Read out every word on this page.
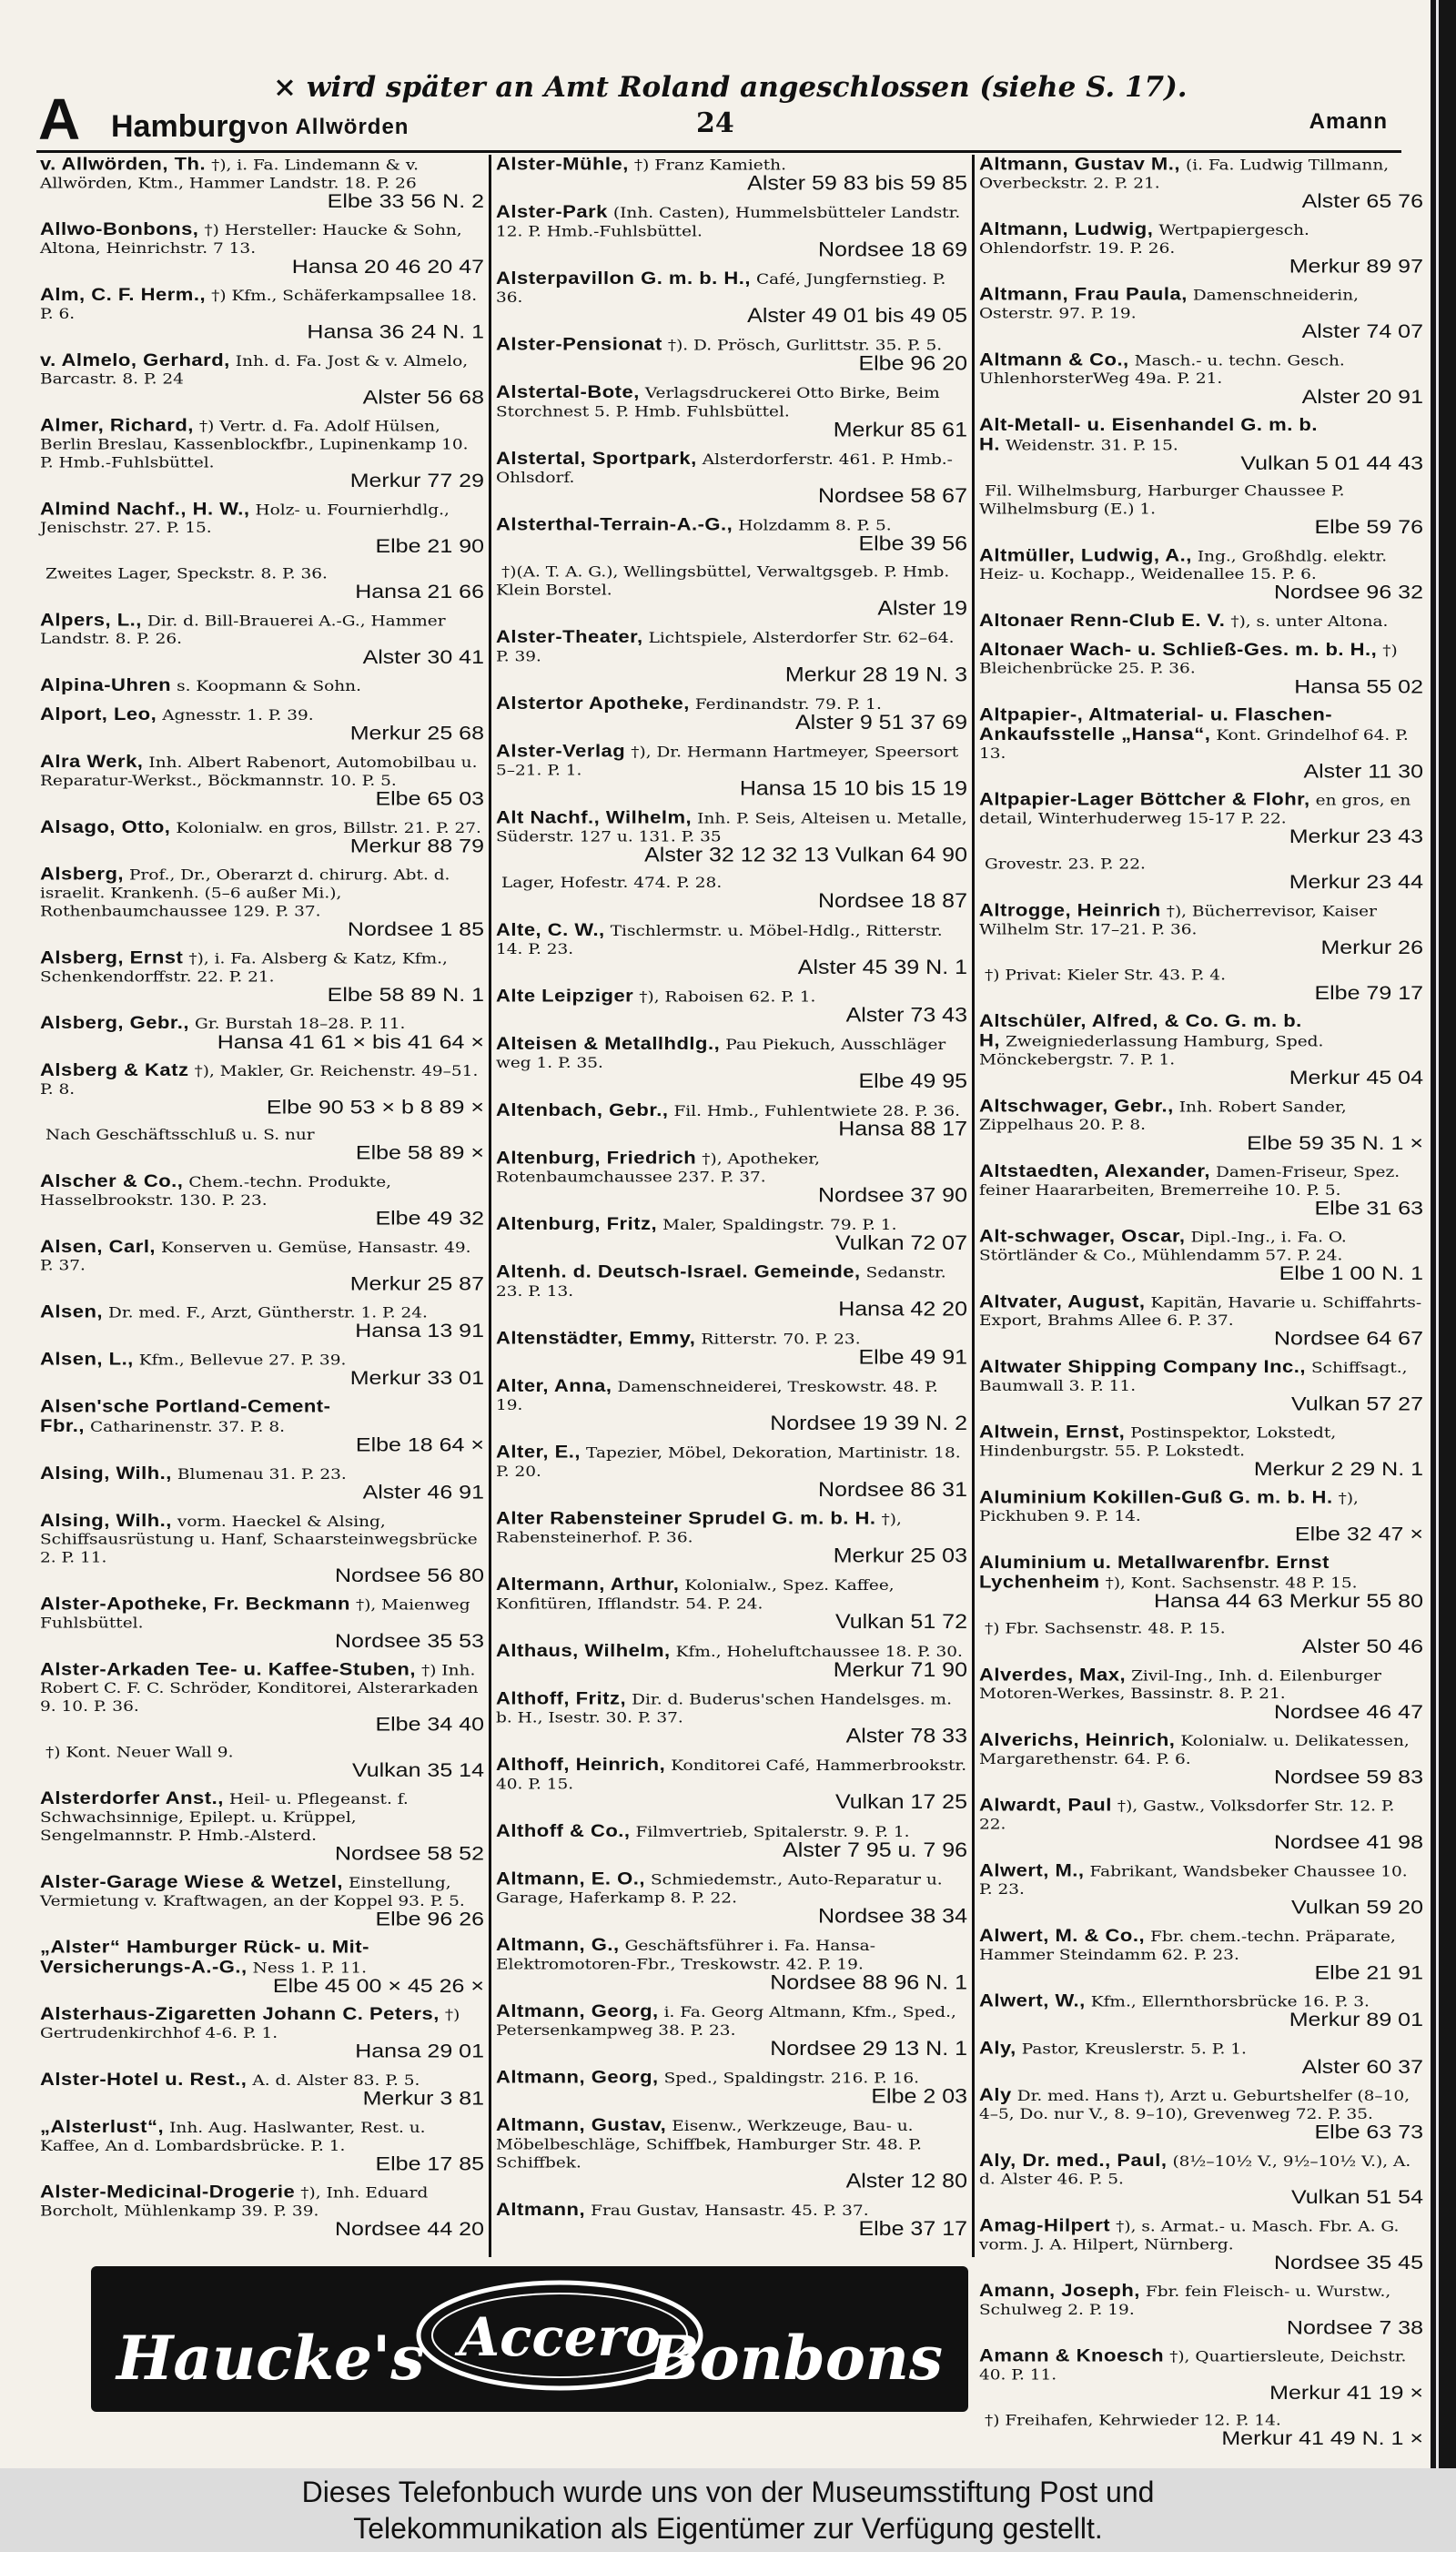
A Hamburg
× wird später an Amt Roland angeschlossen (siehe S. 17).
von Allwörden	24	Amann
v. Allwörden, Th. †), i. Fa. Lindemann & v. Allwörden, Ktm., Hammer Landstr. 18. P. 26
Elbe 33 56 N. 2
Allwo-Bonbons, †) Hersteller: Haucke & Sohn, Altona, Heinrichstr. 7 13.
Hansa 20 46 20 47
Alm, C. F. Herm., †) Kfm., Schäferkampsallee 18. P. 6.
Hansa 36 24 N. 1
v. Almelo, Gerhard, Inh. d. Fa. Jost & v. Almelo, Barcastr. 8. P. 24
Alster 56 68
Almer, Richard, †) Vertr. d. Fa. Adolf Hülsen, Berlin Breslau, Kassenblockfbr., Lupinenkamp 10. P. Hmb.-Fuhlsbüttel.
Merkur 77 29
Almind Nachf., H. W., Holz- u. Fournierhdlg., Jenischstr. 27. P. 15.
Elbe 21 90
Zweites Lager, Speckstr. 8. P. 36.
Hansa 21 66
Alpers, L., Dir. d. Bill-Brauerei A.-G., Hammer Landstr. 8. P. 26.
Alster 30 41
Alpina-Uhren s. Koopmann & Sohn.
Alport, Leo, Agnesstr. 1. P. 39.
Merkur 25 68
Alra Werk, Inh. Albert Rabenort, Automobilbau u. Reparatur-Werkst., Böckmannstr. 10. P. 5.
Elbe 65 03
Alsago, Otto, Kolonialw. en gros, Billstr. 21. P. 27.
Merkur 88 79
Alsberg, Prof., Dr., Oberarzt d. chirurg. Abt. d. israelit. Krankenh. (5–6 außer Mi.), Rothenbaumchaussee 129. P. 37.
Nordsee 1 85
Alsberg, Ernst †), i. Fa. Alsberg & Katz, Kfm., Schenkendorffstr. 22. P. 21.
Elbe 58 89 N. 1
Alsberg, Gebr., Gr. Burstah 18–28. P. 11.
Hansa 41 61 × bis 41 64 ×
Alsberg & Katz †), Makler, Gr. Reichenstr. 49–51. P. 8.
Elbe 90 53 × b 8 89 ×
Nach Geschäftsschluß u. S. nur
Elbe 58 89 ×
Alscher & Co., Chem.-techn. Produkte, Hasselbrookstr. 130. P. 23.
Elbe 49 32
Alsen, Carl, Konserven u. Gemüse, Hansastr. 49. P. 37.
Merkur 25 87
Alsen, Dr. med. F., Arzt, Güntherstr. 1. P. 24.
Hansa 13 91
Alsen, L., Kfm., Bellevue 27. P. 39.
Merkur 33 01
Alsen'sche Portland-Cement-Fbr., Catharinenstr. 37. P. 8.
Elbe 18 64 ×
Alsing, Wilh., Blumenau 31. P. 23.
Alster 46 91
Alsing, Wilh., vorm. Haeckel & Alsing, Schiffsausrüstung u. Hanf, Schaarsteinwegsbrücke 2. P. 11.
Nordsee 56 80
Alster-Apotheke, Fr. Beckmann †), Maienweg Fuhlsbüttel.
Nordsee 35 53
Alster-Arkaden Tee- u. Kaffee-Stuben, †) Inh. Robert C. F. C. Schröder, Konditorei, Alsterarkaden 9. 10. P. 36.
Elbe 34 40
†) Kont. Neuer Wall 9.
Vulkan 35 14
Alsterdorfer Anst., Heil- u. Pflegeanst. f. Schwachsinnige, Epilept. u. Krüppel, Sengelmannstr. P. Hmb.-Alsterd.
Nordsee 58 52
Alster-Garage Wiese & Wetzel, Einstellung, Vermietung v. Kraftwagen, an der Koppel 93. P. 5.
Elbe 96 26
„Alster“ Hamburger Rück- u. Mit-Versicherungs-A.-G., Ness 1. P. 11.
Elbe 45 00 × 45 26 ×
Alsterhaus-Zigaretten Johann C. Peters, †) Gertrudenkirchhof 4-6. P. 1.
Hansa 29 01
Alster-Hotel u. Rest., A. d. Alster 83. P. 5.
Merkur 3 81
„Alsterlust“, Inh. Aug. Haslwanter, Rest. u. Kaffee, An d. Lombardsbrücke. P. 1.
Elbe 17 85
Alster-Medicinal-Drogerie †), Inh. Eduard Borcholt, Mühlenkamp 39. P. 39.
Nordsee 44 20
Alster-Mühle, †) Franz Kamieth.
Alster 59 83 bis 59 85
Alster-Park (Inh. Casten), Hummelsbütteler Landstr. 12. P. Hmb.-Fuhlsbüttel.
Nordsee 18 69
Alsterpavillon G. m. b. H., Café, Jungfernstieg. P. 36.
Alster 49 01 bis 49 05
Alster-Pensionat †). D. Prösch, Gurlittstr. 35. P. 5.
Elbe 96 20
Alstertal-Bote, Verlagsdruckerei Otto Birke, Beim Storchnest 5. P. Hmb. Fuhlsbüttel.
Merkur 85 61
Alstertal, Sportpark, Alsterdorferstr. 461. P. Hmb.-Ohlsdorf.
Nordsee 58 67
Alsterthal-Terrain-A.-G., Holzdamm 8. P. 5.
Elbe 39 56
†)(A. T. A. G.), Wellingsbüttel, Verwaltgsgeb. P. Hmb. Klein Borstel.
Alster 19
Alster-Theater, Lichtspiele, Alsterdorfer Str. 62–64. P. 39.
Merkur 28 19 N. 3
Alstertor Apotheke, Ferdinandstr. 79. P. 1.
Alster 9 51 37 69
Alster-Verlag †), Dr. Hermann Hartmeyer, Speersort 5–21. P. 1.
Hansa 15 10 bis 15 19
Alt Nachf., Wilhelm, Inh. P. Seis, Alteisen u. Metalle, Süderstr. 127 u. 131. P. 35
Alster 32 12 32 13 Vulkan 64 90
Lager, Hofestr. 474. P. 28.
Nordsee 18 87
Alte, C. W., Tischlermstr. u. Möbel-Hdlg., Ritterstr. 14. P. 23.
Alster 45 39 N. 1
Alte Leipziger †), Raboisen 62. P. 1.
Alster 73 43
Alteisen & Metallhdlg., Pau Piekuch, Ausschläger weg 1. P. 35.
Elbe 49 95
Altenbach, Gebr., Fil. Hmb., Fuhlentwiete 28. P. 36.
Hansa 88 17
Altenburg, Friedrich †), Apotheker, Rotenbaumchaussee 237. P. 37.
Nordsee 37 90
Altenburg, Fritz, Maler, Spaldingstr. 79. P. 1.
Vulkan 72 07
Altenh. d. Deutsch-Israel. Gemeinde, Sedanstr. 23. P. 13.
Hansa 42 20
Altenstädter, Emmy, Ritterstr. 70. P. 23.
Elbe 49 91
Alter, Anna, Damenschneiderei, Treskowstr. 48. P. 19.
Nordsee 19 39 N. 2
Alter, E., Tapezier, Möbel, Dekoration, Martinistr. 18. P. 20.
Nordsee 86 31
Alter Rabensteiner Sprudel G. m. b. H. †), Rabensteinerhof. P. 36.
Merkur 25 03
Altermann, Arthur, Kolonialw., Spez. Kaffee, Konfitüren, Ifflandstr. 54. P. 24.
Vulkan 51 72
Althaus, Wilhelm, Kfm., Hoheluftchaussee 18. P. 30.
Merkur 71 90
Althoff, Fritz, Dir. d. Buderus'schen Handelsges. m. b. H., Isestr. 30. P. 37.
Alster 78 33
Althoff, Heinrich, Konditorei Café, Hammerbrookstr. 40. P. 15.
Vulkan 17 25
Althoff & Co., Filmvertrieb, Spitalerstr. 9. P. 1.
Alster 7 95 u. 7 96
Altmann, E. O., Schmiedemstr., Auto-Reparatur u. Garage, Haferkamp 8. P. 22.
Nordsee 38 34
Altmann, G., Geschäftsführer i. Fa. Hansa-Elektromotoren-Fbr., Treskowstr. 42. P. 19.
Nordsee 88 96 N. 1
Altmann, Georg, i. Fa. Georg Altmann, Kfm., Sped., Petersenkampweg 38. P. 23.
Nordsee 29 13 N. 1
Altmann, Georg, Sped., Spaldingstr. 216. P. 16.
Elbe 2 03
Altmann, Gustav, Eisenw., Werkzeuge, Bau- u. Möbelbeschläge, Schiffbek, Hamburger Str. 48. P. Schiffbek.
Alster 12 80
Altmann, Frau Gustav, Hansastr. 45. P. 37.
Elbe 37 17
Altmann, Gustav M., (i. Fa. Ludwig Tillmann, Overbeckstr. 2. P. 21.
Alster 65 76
Altmann, Ludwig, Wertpapiergesch. Ohlendorfstr. 19. P. 26.
Merkur 89 97
Altmann, Frau Paula, Damenschneiderin, Osterstr. 97. P. 19.
Alster 74 07
Altmann & Co., Masch.- u. techn. Gesch. UhlenhorsterWeg 49a. P. 21.
Alster 20 91
Alt-Metall- u. Eisenhandel G. m. b. H. Weidenstr. 31. P. 15.
Vulkan 5 01 44 43
Fil. Wilhelmsburg, Harburger Chaussee P. Wilhelmsburg (E.) 1.
Elbe 59 76
Altmüller, Ludwig, A., Ing., Großhdlg. elektr. Heiz- u. Kochapp., Weidenallee 15. P. 6.
Nordsee 96 32
Altonaer Renn-Club E. V. †), s. unter Altona.
Altonaer Wach- u. Schließ-Ges. m. b. H., †) Bleichenbrücke 25. P. 36.
Hansa 55 02
Altpapier-, Altmaterial- u. Flaschen-Ankaufsstelle „Hansa“, Kont. Grindelhof 64. P. 13.
Alster 11 30
Altpapier-Lager Böttcher & Flohr, en gros, en detail, Winterhuderweg 15-17 P. 22.
Merkur 23 43
Grovestr. 23. P. 22.
Merkur 23 44
Altrogge, Heinrich †), Bücherrevisor, Kaiser Wilhelm Str. 17–21. P. 36.
Merkur 26
†) Privat: Kieler Str. 43. P. 4.
Elbe 79 17
Altschüler, Alfred, & Co. G. m. b. H, Zweigniederlassung Hamburg, Sped. Mönckebergstr. 7. P. 1.
Merkur 45 04
Altschwager, Gebr., Inh. Robert Sander, Zippelhaus 20. P. 8.
Elbe 59 35 N. 1 ×
Altstaedten, Alexander, Damen-Friseur, Spez. feiner Haararbeiten, Bremerreihe 10. P. 5.
Elbe 31 63
Alt-schwager, Oscar, Dipl.-Ing., i. Fa. O. Störtländer & Co., Mühlendamm 57. P. 24.
Elbe 1 00 N. 1
Altvater, August, Kapitän, Havarie u. Schiffahrts-Export, Brahms Allee 6. P. 37.
Nordsee 64 67
Altwater Shipping Company Inc., Schiffsagt., Baumwall 3. P. 11.
Vulkan 57 27
Altwein, Ernst, Postinspektor, Lokstedt, Hindenburgstr. 55. P. Lokstedt.
Merkur 2 29 N. 1
Aluminium Kokillen-Guß G. m. b. H. †), Pickhuben 9. P. 14.
Elbe 32 47 ×
Aluminium u. Metallwarenfbr. Ernst Lychenheim †), Kont. Sachsenstr. 48 P. 15.
Hansa 44 63 Merkur 55 80
†) Fbr. Sachsenstr. 48. P. 15.
Alster 50 46
Alverdes, Max, Zivil-Ing., Inh. d. Eilenburger Motoren-Werkes, Bassinstr. 8. P. 21.
Nordsee 46 47
Alverichs, Heinrich, Kolonialw. u. Delikatessen, Margarethenstr. 64. P. 6.
Nordsee 59 83
Alwardt, Paul †), Gastw., Volksdorfer Str. 12. P. 22.
Nordsee 41 98
Alwert, M., Fabrikant, Wandsbeker Chaussee 10. P. 23.
Vulkan 59 20
Alwert, M. & Co., Fbr. chem.-techn. Präparate, Hammer Steindamm 62. P. 23.
Elbe 21 91
Alwert, W., Kfm., Ellernthorsbrücke 16. P. 3.
Merkur 89 01
Aly, Pastor, Kreuslerstr. 5. P. 1.
Alster 60 37
Aly Dr. med. Hans †), Arzt u. Geburtshelfer (8–10, 4–5, Do. nur V., 8. 9–10), Grevenweg 72. P. 35.
Elbe 63 73
Aly, Dr. med., Paul, (8½–10½ V., 9½–10½ V.), A. d. Alster 46. P. 5.
Vulkan 51 54
Amag-Hilpert †), s. Armat.- u. Masch. Fbr. A. G. vorm. J. A. Hilpert, Nürnberg.
Nordsee 35 45
Amann, Joseph, Fbr. fein Fleisch- u. Wurstw., Schulweg 2. P. 19.
Nordsee 7 38
Amann & Knoesch †), Quartiersleute, Deichstr. 40. P. 11.
Merkur 41 19 ×
†) Freihafen, Kehrwieder 12. P. 14.
Merkur 41 49 N. 1 ×
Haucke's Accero
Bonbons
Dieses Telefonbuch wurde uns von der Museumsstiftung Post und
Telekommunikation als Eigentümer zur Verfügung gestellt.
